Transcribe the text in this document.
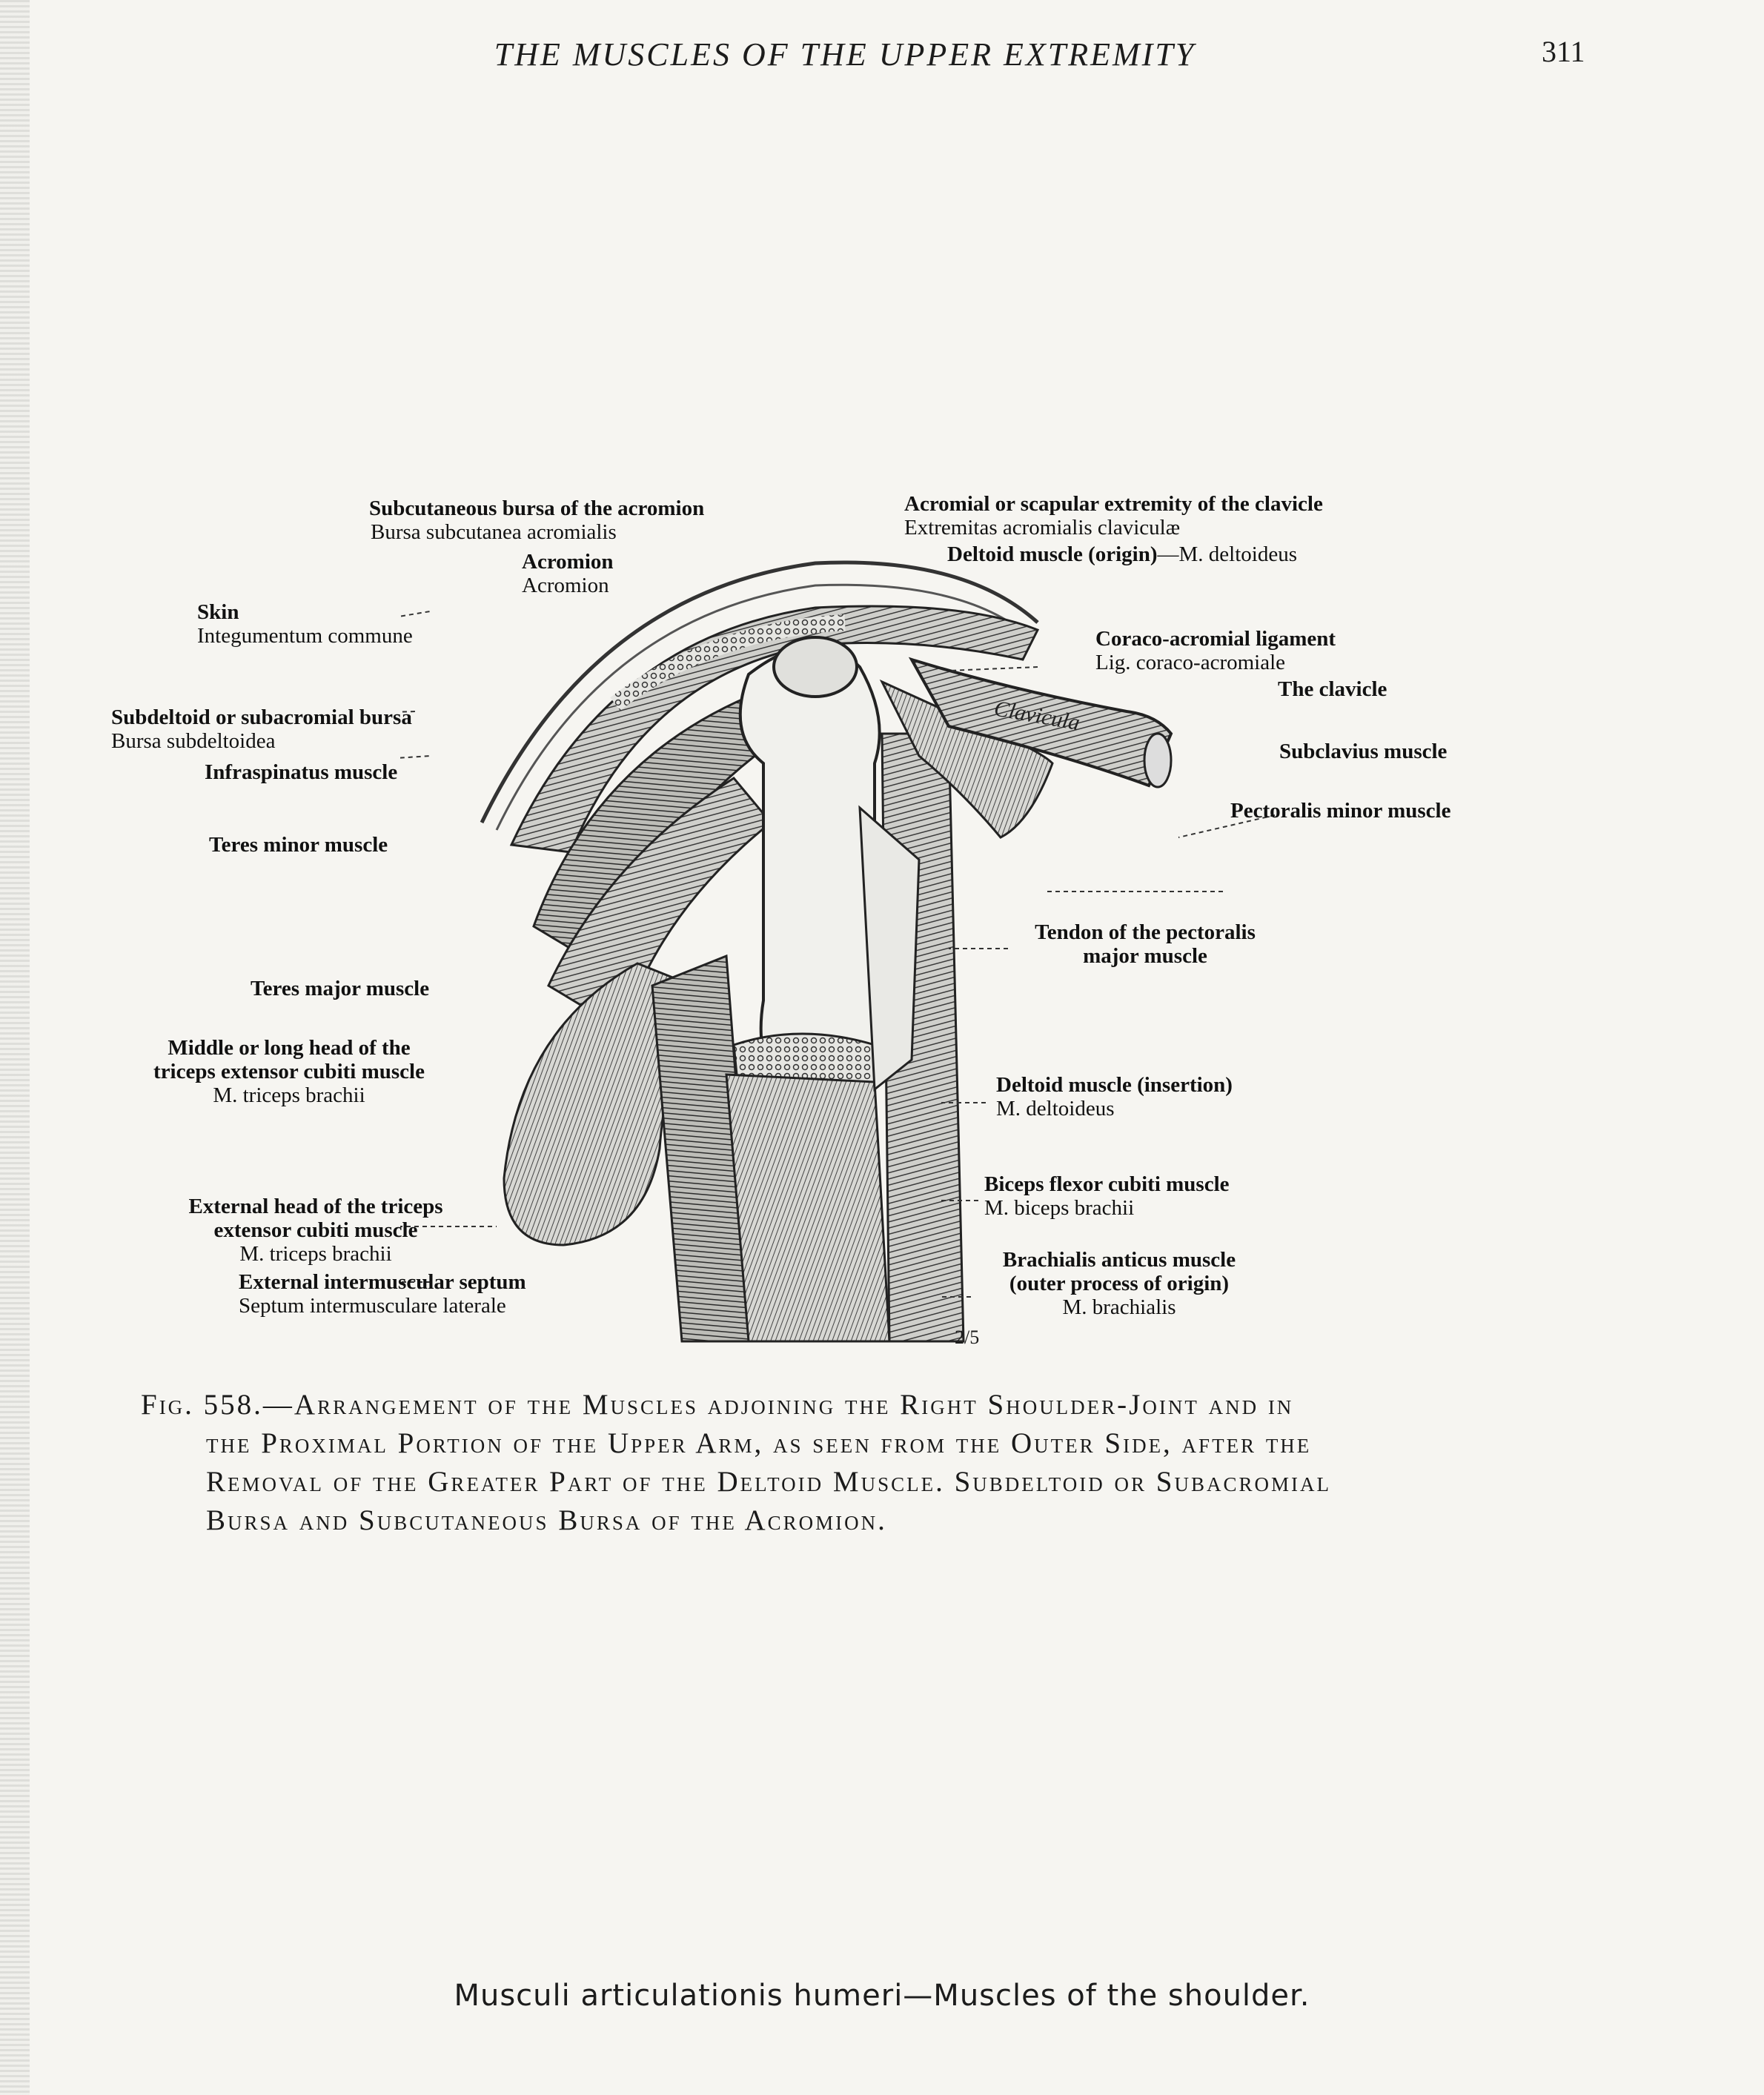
THE MUSCLES OF THE UPPER EXTREMITY	311
Clavicula
Subcutaneous bursa of the acromion
Bursa subcutanea acromialis
Acromion
Acromion
Skin
Integumentum commune
Subdeltoid or subacromial bursa
Bursa subdeltoidea
Infraspinatus muscle
Teres minor muscle
Teres major muscle
Middle or long head of the
triceps extensor cubiti muscle
M. triceps brachii
External head of the triceps
extensor cubiti muscle
M. triceps brachii
External intermuscular septum
Septum intermusculare laterale
Acromial or scapular extremity of the clavicle
Extremitas acromialis claviculæ
Deltoid muscle (origin)—M. deltoideus
Coraco-acromial ligament
Lig. coraco-acromiale
The clavicle
Subclavius muscle
Pectoralis minor muscle
Tendon of the pectoralis
major muscle
Deltoid muscle (insertion)
M. deltoideus
Biceps flexor cubiti muscle
M. biceps brachii
Brachialis anticus muscle
(outer process of origin)
M. brachialis
2/5
Fig. 558.—Arrangement of the Muscles adjoining the Right Shoulder-Joint and in
the Proximal Portion of the Upper Arm, as seen from the Outer Side, after the
Removal of the Greater Part of the Deltoid Muscle. Subdeltoid or Subacromial
Bursa and Subcutaneous Bursa of the Acromion.
Musculi articulationis humeri—Muscles of the shoulder.
